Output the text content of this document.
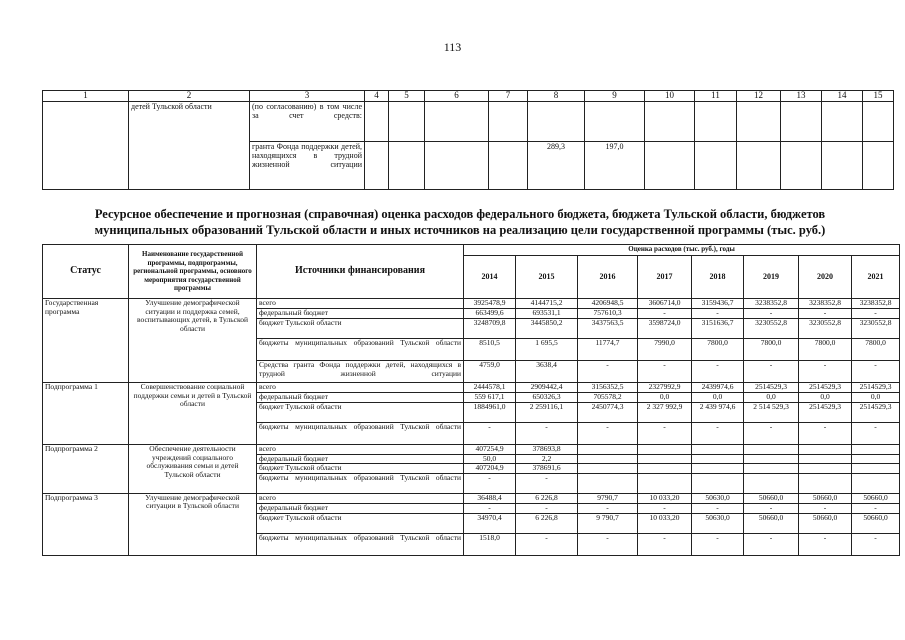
113
1	2	3	4	5	6	7	8	9	10	11	12	13	14	15
	детей Тульской области	(по согласованию) в том числе за счет средств:												
		гранта Фонда поддержки детей, находящихся в трудной жизненной ситуации					289,3	197,0						
Ресурсное обеспечение и прогнозная (справочная) оценка расходов федерального бюджета, бюджета Тульской области, бюджетов муниципальных образований Тульской области и иных источников на реализацию цели государственной программы (тыс. руб.)
Статус	Наименование государственной программы, подпрограммы, региональной программы, основного мероприятия государственной программы	Источники финансирования	Оценка расходов (тыс. руб.), годы							
			2014	2015	2016	2017	2018	2019	2020	2021
Государственная программа	Улучшение демографической ситуации и поддержка семей, воспитывающих детей, в Тульской области	всего	3925478,9	4144715,2	4206948,5	3606714,0	3159436,7	3238352,8	3238352,8	3238352,8
		федеральный бюджет	663499,6	693531,1	757610,3	-	-	-	-	-
		бюджет Тульской области	3248709,8	3445850,2	3437563,5	3598724,0	3151636,7	3230552,8	3230552,8	3230552,8
		бюджеты муниципальных образований Тульской области	8510,5	1 695,5	11774,7	7990,0	7800,0	7800,0	7800,0	7800,0
		Средства гранта Фонда поддержки детей, находящихся в трудной жизненной ситуации	4759,0	3638,4	-	-	-	-	-	-
Подпрограмма 1	Совершенствование социальной поддержки семьи и детей в Тульской области	всего	2444578,1	2909442,4	3156352,5	2327992,9	2439974,6	2514529,3	2514529,3	2514529,3
		федеральный бюджет	559 617,1	650326,3	705578,2	0,0	0,0	0,0	0,0	0,0
		бюджет Тульской области	1884961,0	2 259116,1	2450774,3	2 327 992,9	2 439 974,6	2 514 529,3	2514529,3	2514529,3
		бюджеты муниципальных образований Тульской области	-	-	-	-	-	-	-	-
Подпрограмма 2	Обеспечение деятельности учреждений социального обслуживания семьи и детей Тульской области	всего	407254,9	378693,8						
		федеральный бюджет	50,0	2,2						
		бюджет Тульской области	407204,9	378691,6						
		бюджеты муниципальных образований Тульской области	-	-						
Подпрограмма 3	Улучшение демографической ситуации в Тульской области	всего	36488,4	6 226,8	9790,7	10 033,20	50630,0	50660,0	50660,0	50660,0
		федеральный бюджет	-	-	-	-	-	-	-	-
		бюджет Тульской области	34970,4	6 226,8	9 790,7	10 033,20	50630,0	50660,0	50660,0	50660,0
		бюджеты муниципальных образований Тульской области	1518,0	-	-	-	-	-	-	-
